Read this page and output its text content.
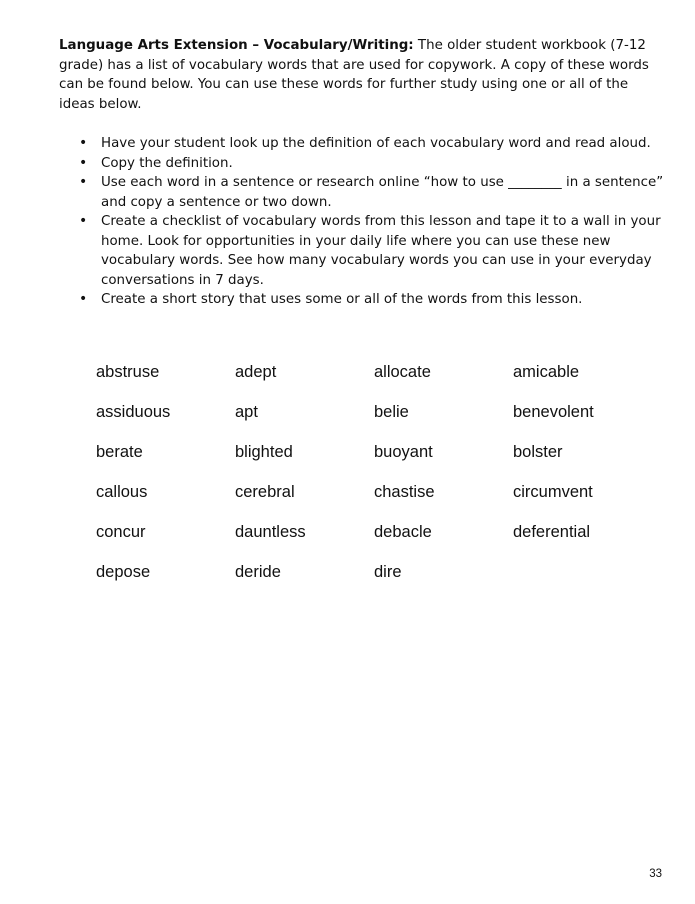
Language Arts Extension – Vocabulary/Writing: The older student workbook (7-12 grade) has a list of vocabulary words that are used for copywork. A copy of these words can be found below. You can use these words for further study using one or all of the ideas below.

• Have your student look up the definition of each vocabulary word and read aloud.
• Copy the definition.
• Use each word in a sentence or research online “how to use ________ in a sentence” and copy a sentence or two down.
• Create a checklist of vocabulary words from this lesson and tape it to a wall in your home. Look for opportunities in your daily life where you can use these new vocabulary words. See how many vocabulary words you can use in your everyday conversations in 7 days.
• Create a short story that uses some or all of the words from this lesson.
abstruse	adept	allocate	amicable
assiduous	apt	belie	benevolent
berate	blighted	buoyant	bolster
callous	cerebral	chastise	circumvent
concur	dauntless	debacle	deferential
depose	deride	dire
33
